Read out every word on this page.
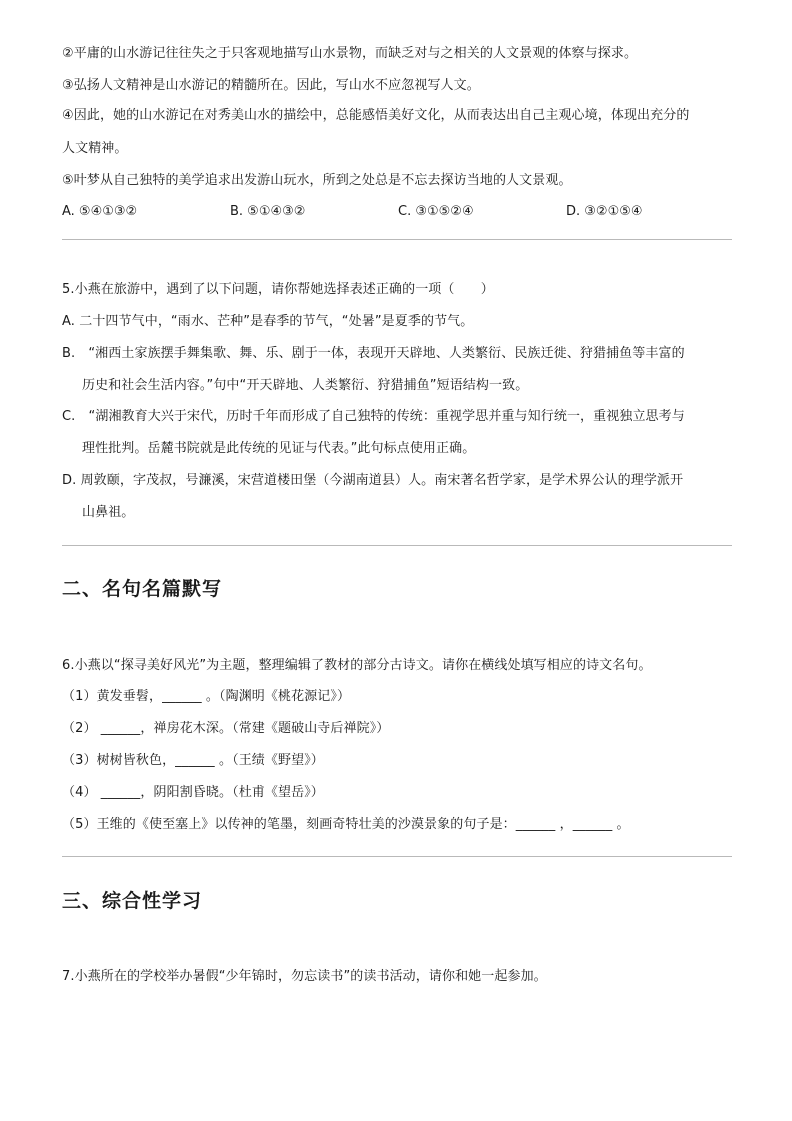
②平庸的山水游记往往失之于只客观地描写山水景物，而缺乏对与之相关的人文景观的体察与探求。
③弘扬人文精神是山水游记的精髓所在。因此，写山水不应忽视写人文。
④因此，她的山水游记在对秀美山水的描绘中，总能感悟美好文化，从而表达出自己主观心境，体现出充分的
人文精神。
⑤叶梦从自己独特的美学追求出发游山玩水，所到之处总是不忘去探访当地的人文景观。
A. ⑤④①③②	B. ⑤①④③②	C. ③①⑤②④	D. ③②①⑤④
5.小燕在旅游中，遇到了以下问题，请你帮她选择表述正确的一项（　　）
A. 二十四节气中，“雨水、芒种”是春季的节气，“处暑”是夏季的节气。
B.　“湘西土家族摆手舞集歌、舞、乐、剧于一体，表现开天辟地、人类繁衍、民族迁徙、狩猎捕鱼等丰富的
历史和社会生活内容。”句中“开天辟地、人类繁衍、狩猎捕鱼”短语结构一致。
C.　“湖湘教育大兴于宋代，历时千年而形成了自己独特的传统：重视学思并重与知行统一，重视独立思考与
理性批判。岳麓书院就是此传统的见证与代表。”此句标点使用正确。
D. 周敦颐，字茂叔，号濂溪，宋营道楼田堡（今湖南道县）人。南宋著名哲学家，是学术界公认的理学派开
山鼻祖。
二、名句名篇默写
6.小燕以“探寻美好风光”为主题，整理编辑了教材的部分古诗文。请你在横线处填写相应的诗文名句。
（1）黄发垂髫，______ 。（陶渊明《桃花源记》）
（2） ______，禅房花木深。（常建《题破山寺后禅院》）
（3）树树皆秋色，______ 。（王绩《野望》）
（4） ______，阴阳割昏晓。（杜甫《望岳》）
（5）王维的《使至塞上》以传神的笔墨，刻画奇特壮美的沙漠景象的句子是：______ ，______ 。
三、综合性学习
7.小燕所在的学校举办暑假“少年锦时，勿忘读书”的读书活动，请你和她一起参加。
